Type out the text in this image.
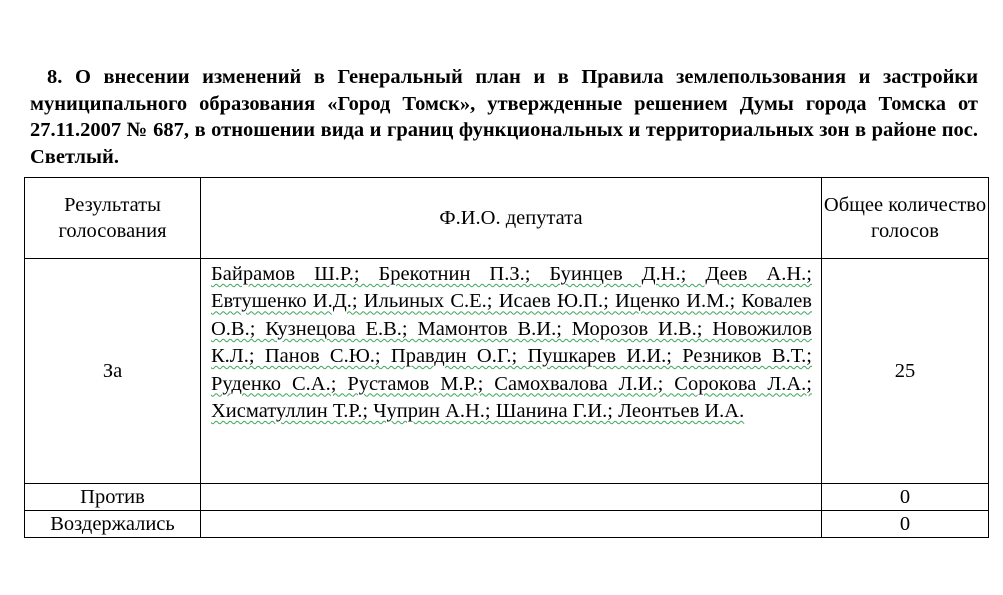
8. О внесении изменений в Генеральный план и в Правила землепользования и застройки муниципального образования «Город Томск», утвержденные решением Думы города Томска от 27.11.2007 № 687, в отношении вида и границ функциональных и территориальных зон в районе пос. Светлый.
Результаты голосования	Ф.И.О. депутата	Общее количество голосов
За	Байрамов Ш.Р.; Брекотнин П.З.; Буинцев Д.Н.; Деев А.Н.; Евтушенко И.Д.; Ильиных С.Е.; Исаев Ю.П.; Иценко И.М.; Ковалев О.В.; Кузнецова Е.В.; Мамонтов В.И.; Морозов И.В.; Новожилов К.Л.; Панов С.Ю.; Правдин О.Г.; Пушкарев И.И.; Резников В.Т.; Руденко С.А.; Рустамов М.Р.; Самохвалова Л.И.; Сорокова Л.А.; Хисматуллин Т.Р.; Чуприн А.Н.; Шанина Г.И.; Леонтьев И.А.	25
Против		0
Воздержались		0
